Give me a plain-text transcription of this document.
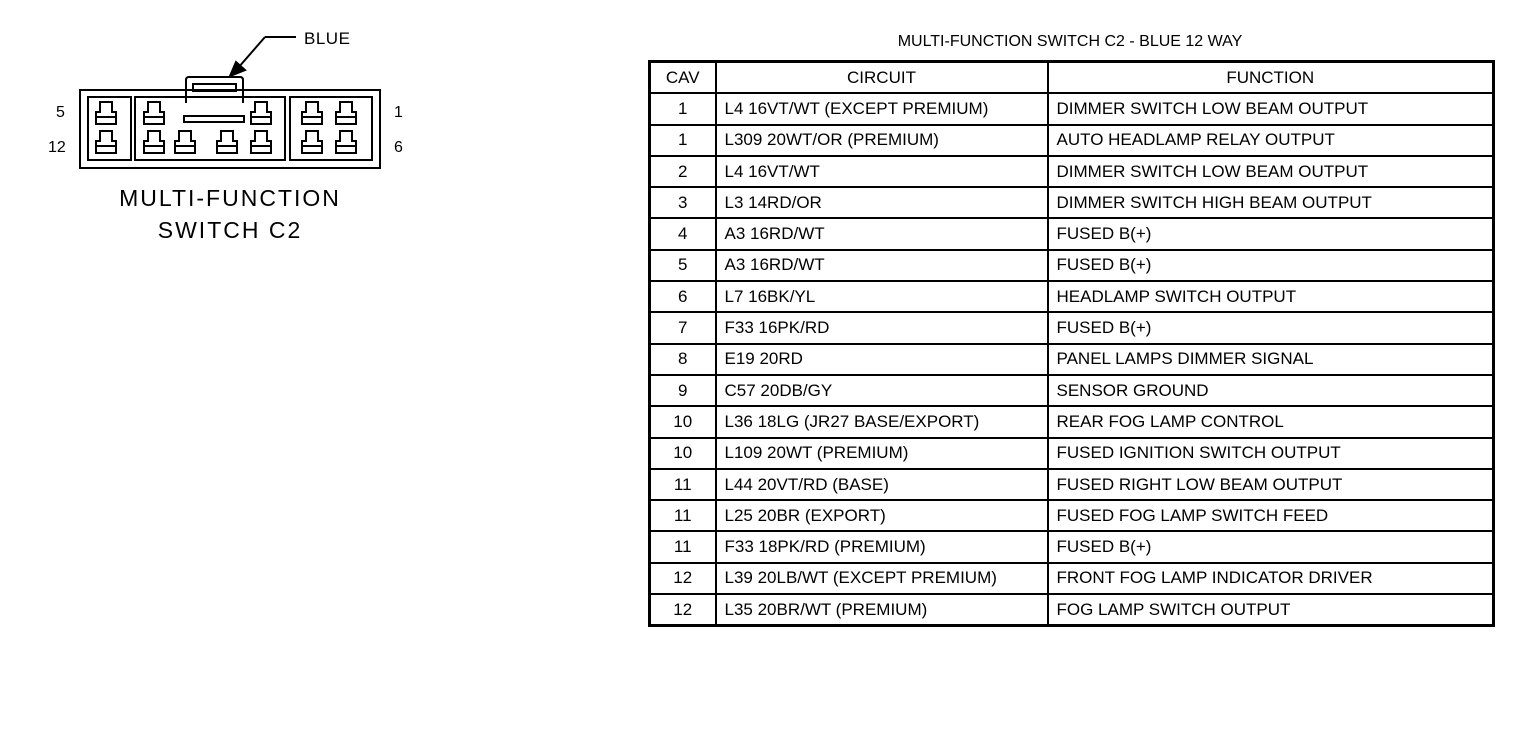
5
12
1
6
BLUE
MULTI-FUNCTION
SWITCH C2
MULTI-FUNCTION SWITCH C2 - BLUE 12 WAY
CAV	CIRCUIT	FUNCTION
1	L4 16VT/WT (EXCEPT PREMIUM)	DIMMER SWITCH LOW BEAM OUTPUT
1	L309 20WT/OR (PREMIUM)	AUTO HEADLAMP RELAY OUTPUT
2	L4 16VT/WT	DIMMER SWITCH LOW BEAM OUTPUT
3	L3 14RD/OR	DIMMER SWITCH HIGH BEAM OUTPUT
4	A3 16RD/WT	FUSED B(+)
5	A3 16RD/WT	FUSED B(+)
6	L7 16BK/YL	HEADLAMP SWITCH OUTPUT
7	F33 16PK/RD	FUSED B(+)
8	E19 20RD	PANEL LAMPS DIMMER SIGNAL
9	C57 20DB/GY	SENSOR GROUND
10	L36 18LG (JR27 BASE/EXPORT)	REAR FOG LAMP CONTROL
10	L109 20WT (PREMIUM)	FUSED IGNITION SWITCH OUTPUT
11	L44 20VT/RD (BASE)	FUSED RIGHT LOW BEAM OUTPUT
11	L25 20BR (EXPORT)	FUSED FOG LAMP SWITCH FEED
11	F33 18PK/RD (PREMIUM)	FUSED B(+)
12	L39 20LB/WT (EXCEPT PREMIUM)	FRONT FOG LAMP INDICATOR DRIVER
12	L35 20BR/WT (PREMIUM)	FOG LAMP SWITCH OUTPUT
